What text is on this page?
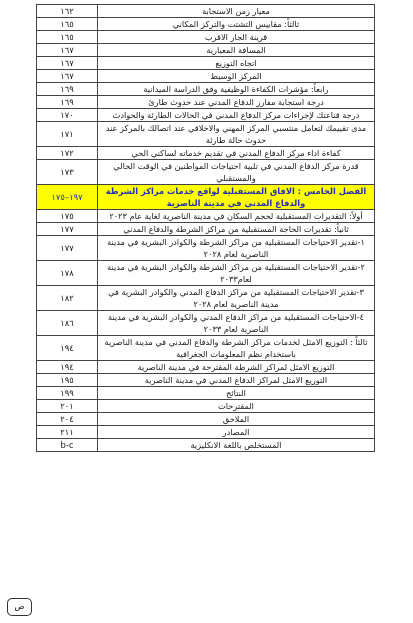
معيار زمن الاستجابة	١٦٢
ثالثاً: مقاييس التشتت والتركز المكاني	١٦٥
قرينة الجار الاقرب	١٦٥
المسافة المعيارية	١٦٧
اتجاه التوزيع	١٦٧
المركز الوسيط	١٦٧
رابعاً: مؤشرات الكفاءة الوظيفية وفق الدراسة الميدانية	١٦٩
درجة استجابة مفارز الدفاع المدني عند حدوث طارئ	١٦٩
درجة قناعتك لإجراءات مركز الدفاع المدني في الحالات الطارئة والحوادث	١٧٠
مدى تقييمك لتعامل منتسبي المركز المهني والاخلاقي عند اتصالك بالمركز عند حدوث حالة طارئة	١٧١
كفاءة اداء مركز الدفاع المدني في تقديم خدماته لساكني الحي	١٧٢
قدرة مركز الدفاع المدني في تلبية احتياجات المواطنين في الوقت الحالي والمستقبلي	١٧٣
الفصل الخامس : الافاق المستقبلية لواقع خدمات مراكز الشرطة والدفاع المدني في مدينة الناصرية	١٩٧–١٧٥
أولاً: التقديرات المستقبلية لحجم السكان في مدينة الناصرية لغاية عام ٢٠٢٣	١٧٥
ثانياً: تقديرات الحاجة المستقبلية من مراكز الشرطة والدفاع المدني	١٧٧
١-تقدير الاحتياجات المستقبلية من مراكز الشرطة والكوادر البشرية في مدينة الناصرية لعام ٢٠٢٨	١٧٧
٢-تقدير الاحتياجات المستقبلية من مراكز الشرطة والكوادر البشرية في مدينة لعام٢٠٣٣	١٧٨
٣-تقدير الاحتياجات المستقبلية من مراكز الدفاع المدني والكوادر البشرية في مدينة الناصرية لعام ٢٠٢٨	١٨٢
٤-الاحتياجات المستقبلية من مراكز الدفاع المدني والكوادر البشرية في مدينة الناصرية لعام ٢٠٣٣	١٨٦
ثالثاً : التوزيع الامثل لخدمات مراكز الشرطة والدفاع المدني في مدينة الناصرية باستخدام نظم المعلومات الجغرافية	١٩٤
التوزيع الامثل لمراكز الشرطة المقترحة في مدينة الناصرية	١٩٤
التوزيع الامثل لمراكز الدفاع المدني في مدينة الناصرية	١٩٥
النتائج	١٩٩
المقترحات	٢٠١
الملاحق	٢٠٤
المصادر	٢١١
المستخلص باللغة الانكليزية	b-c
ص
